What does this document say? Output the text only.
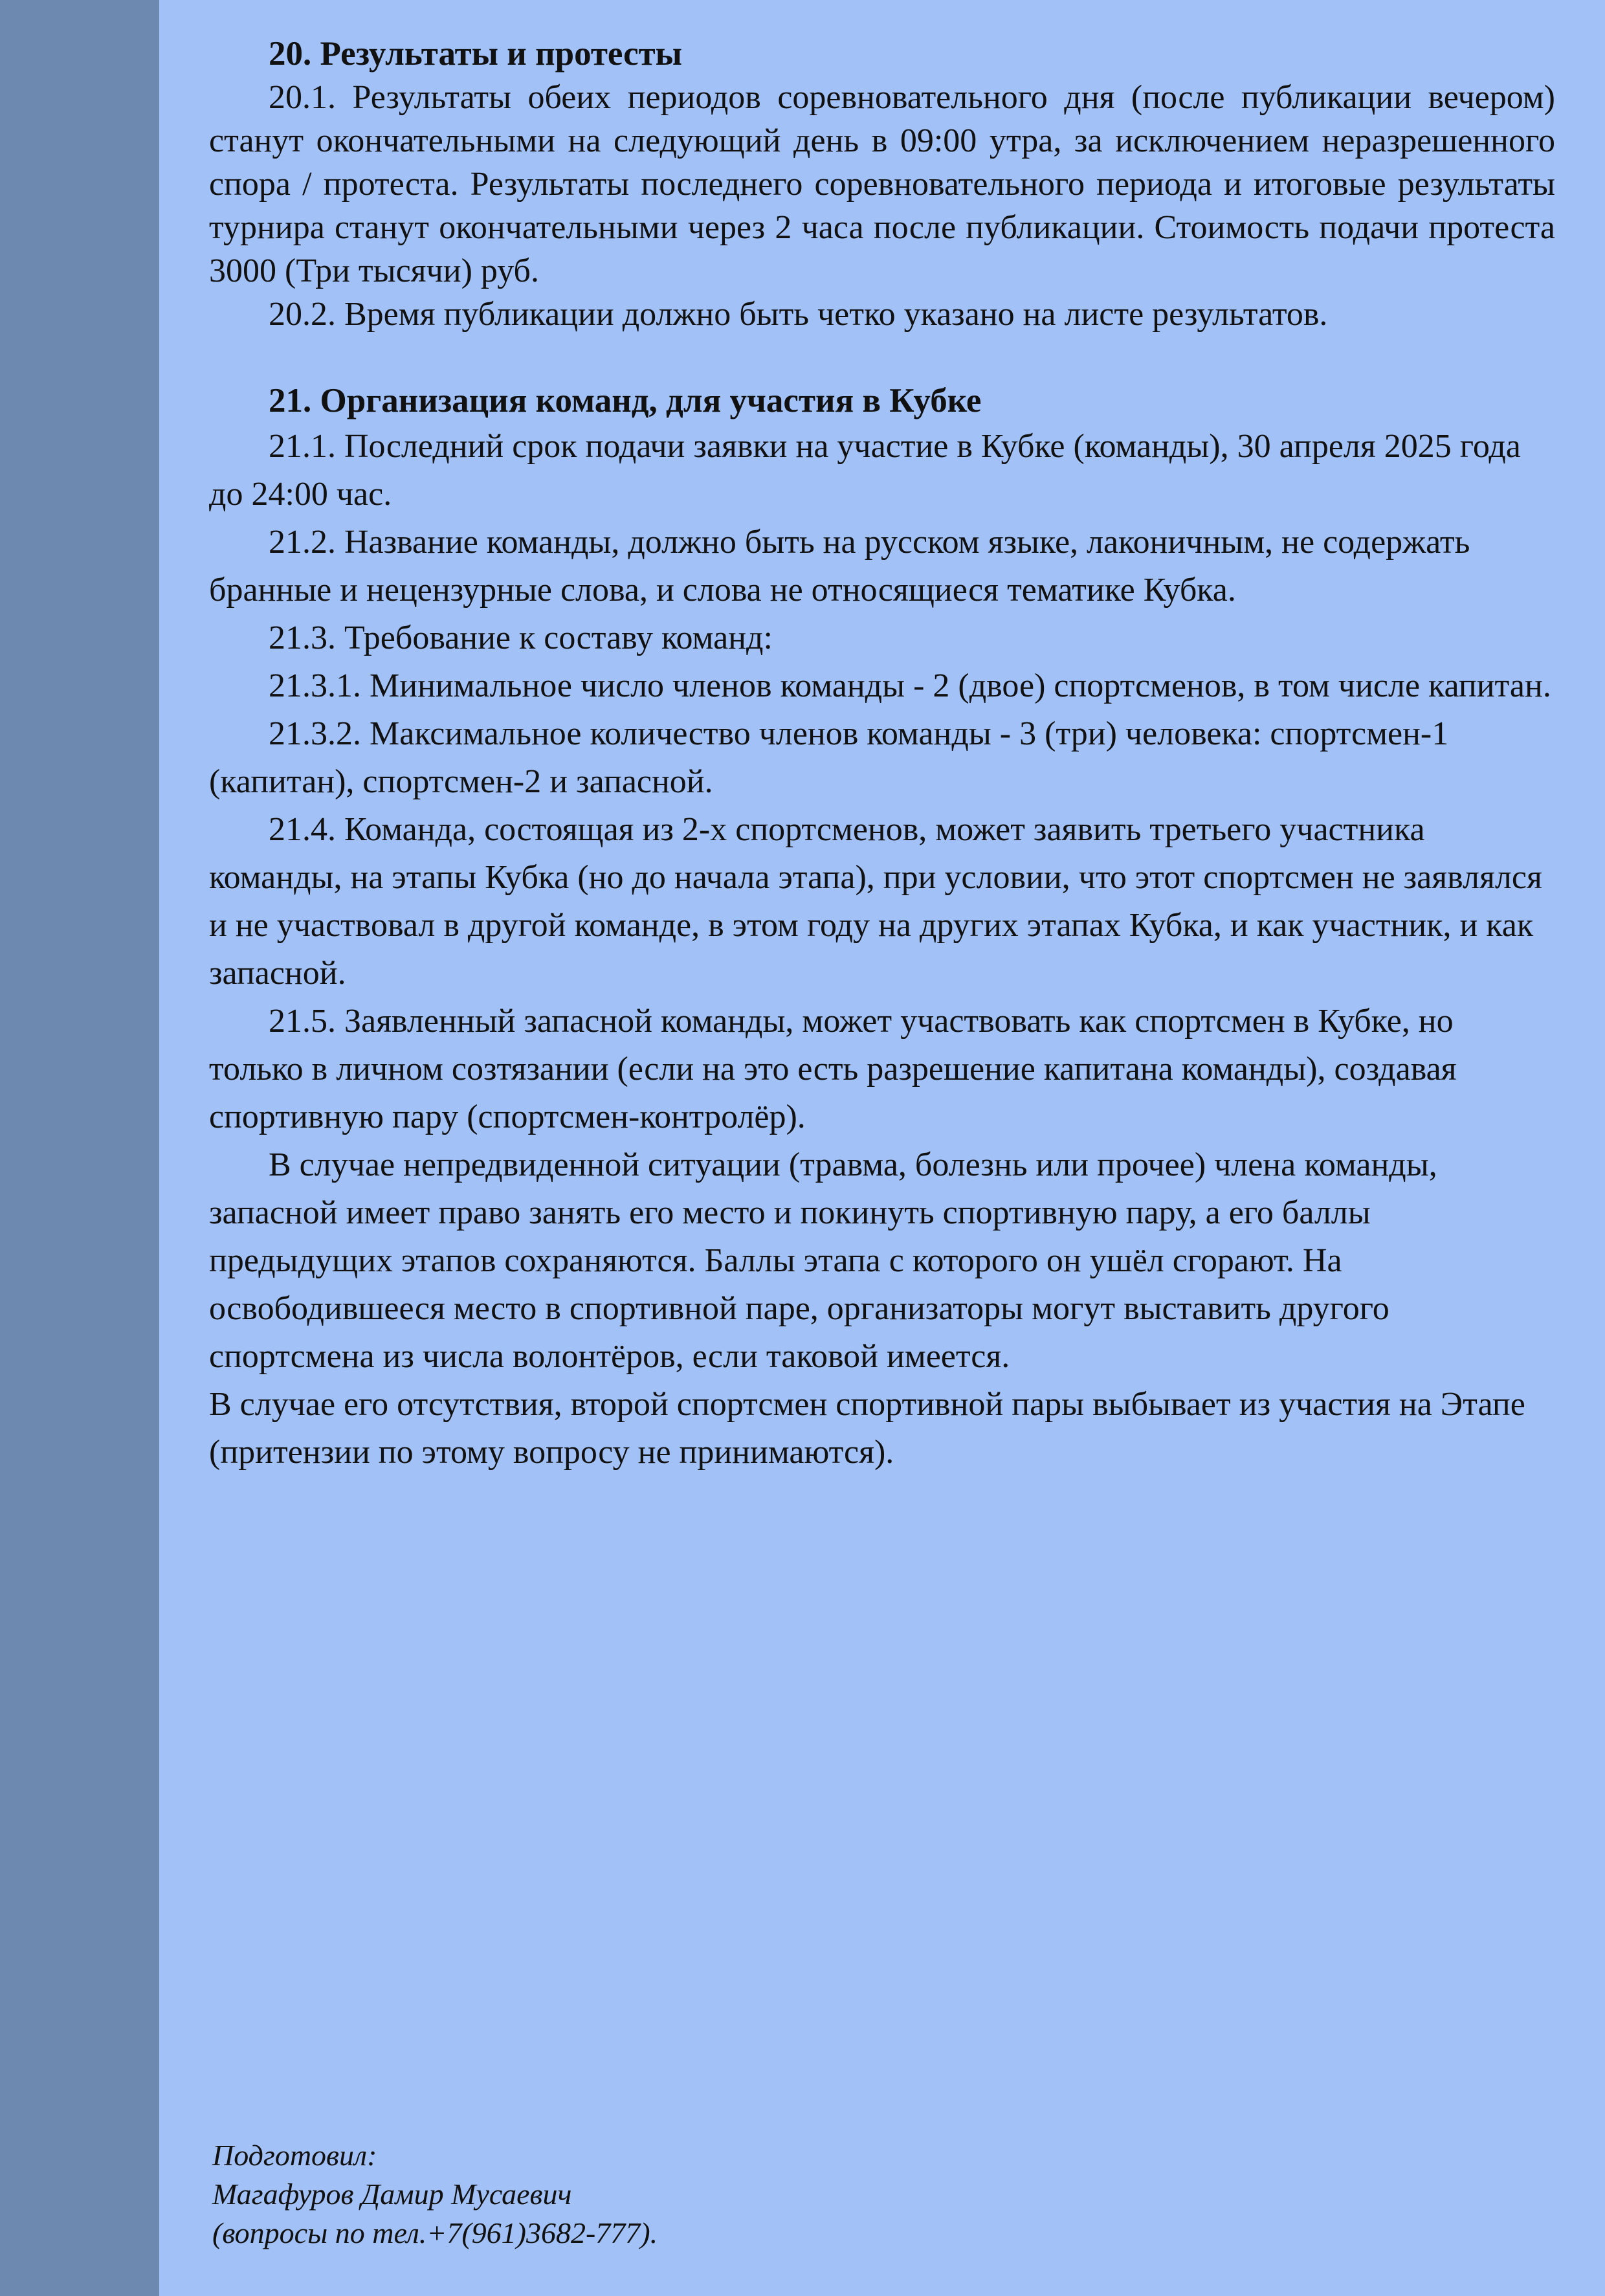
20. Результаты и протесты

20.1. Результаты обеих периодов соревновательного дня (после публикации вечером) станут окончательными на следующий день в 09:00 утра, за исключением неразрешенного спора / протеста. Результаты последнего соревновательного периода и итоговые результаты турнира станут окончательными через 2 часа после публикации. Стоимость подачи протеста 3000 (Три тысячи) руб.

20.2. Время публикации должно быть четко указано на листе результатов.

21. Организация команд, для участия в Кубке

21.1. Последний срок подачи заявки на участие в Кубке (команды), 30 апреля 2025 года до 24:00 час.

21.2. Название команды, должно быть на русском языке, лаконичным, не содержать бранные и нецензурные слова, и слова не относящиеся тематике Кубка.

21.3. Требование к составу команд:

21.3.1. Минимальное число членов команды - 2 (двое) спортсменов, в том числе капитан.

21.3.2. Максимальное количество членов команды - 3 (три) человека: спортсмен-1 (капитан), спортсмен-2 и запасной.

21.4. Команда, состоящая из 2-х спортсменов, может заявить третьего участника команды, на этапы Кубка (но до начала этапа), при условии, что этот спортсмен не заявлялся и не участвовал в другой команде, в этом году на других этапах Кубка, и как участник, и как запасной.

21.5. Заявленный запасной команды, может участвовать как спортсмен в Кубке, но только в личном созтязании (если на это есть разрешение капитана команды), создавая спортивную пару (спортсмен-контролёр).

В случае непредвиденной ситуации (травма, болезнь или прочее) члена команды, запасной имеет право занять его место и покинуть спортивную пару, а его баллы предыдущих этапов сохраняются. Баллы этапа с которого он ушёл сгорают. На освободившееся место в спортивной паре, организаторы могут выставить другого спортсмена из числа волонтёров, если таковой имеется.

В случае его отсутствия, второй спортсмен спортивной пары выбывает из участия на Этапе (притензии по этому вопросу не принимаются).

Подготовил:
Магафуров Дамир Мусаевич
(вопросы по тел.+7(961)3682-777).
